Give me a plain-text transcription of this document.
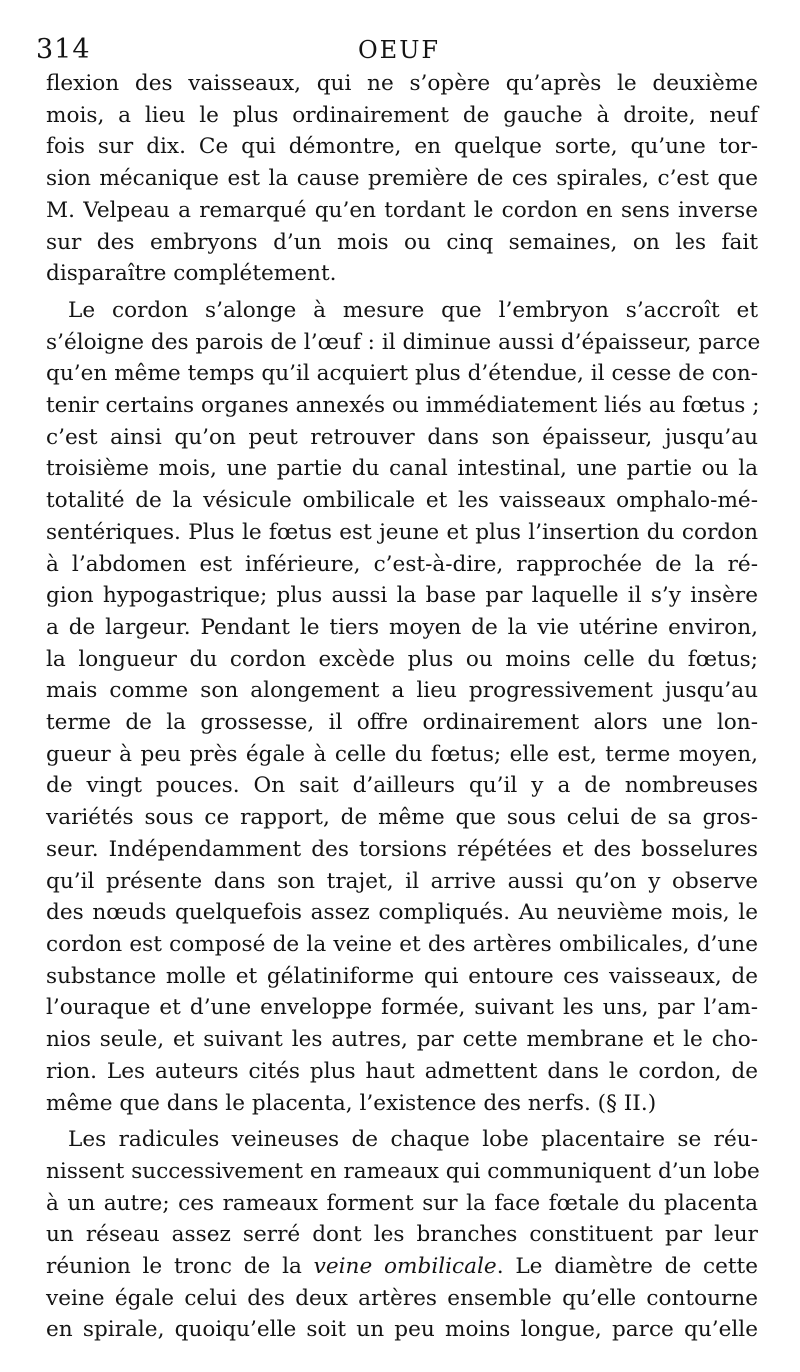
314	OEUF

flexion des vaisseaux, qui ne s’opère qu’après le deuxième
mois, a lieu le plus ordinairement de gauche à droite, neuf
fois sur dix. Ce qui démontre, en quelque sorte, qu’une tor-
sion mécanique est la cause première de ces spirales, c’est que
M. Velpeau a remarqué qu’en tordant le cordon en sens inverse
sur des embryons d’un mois ou cinq semaines, on les fait
disparaître complétement.

Le cordon s’alonge à mesure que l’embryon s’accroît et
s’éloigne des parois de l’œuf : il diminue aussi d’épaisseur, parce
qu’en même temps qu’il acquiert plus d’étendue, il cesse de con-
tenir certains organes annexés ou immédiatement liés au fœtus ;
c’est ainsi qu’on peut retrouver dans son épaisseur, jusqu’au
troisième mois, une partie du canal intestinal, une partie ou la
totalité de la vésicule ombilicale et les vaisseaux omphalo-mé-
sentériques. Plus le fœtus est jeune et plus l’insertion du cordon
à l’abdomen est inférieure, c’est-à-dire, rapprochée de la ré-
gion hypogastrique; plus aussi la base par laquelle il s’y insère
a de largeur. Pendant le tiers moyen de la vie utérine environ,
la longueur du cordon excède plus ou moins celle du fœtus;
mais comme son alongement a lieu progressivement jusqu’au
terme de la grossesse, il offre ordinairement alors une lon-
gueur à peu près égale à celle du fœtus; elle est, terme moyen,
de vingt pouces. On sait d’ailleurs qu’il y a de nombreuses
variétés sous ce rapport, de même que sous celui de sa gros-
seur. Indépendamment des torsions répétées et des bosselures
qu’il présente dans son trajet, il arrive aussi qu’on y observe
des nœuds quelquefois assez compliqués. Au neuvième mois, le
cordon est composé de la veine et des artères ombilicales, d’une
substance molle et gélatiniforme qui entoure ces vaisseaux, de
l’ouraque et d’une enveloppe formée, suivant les uns, par l’am-
nios seule, et suivant les autres, par cette membrane et le cho-
rion. Les auteurs cités plus haut admettent dans le cordon, de
même que dans le placenta, l’existence des nerfs. (§ II.)

Les radicules veineuses de chaque lobe placentaire se réu-
nissent successivement en rameaux qui communiquent d’un lobe
à un autre; ces rameaux forment sur la face fœtale du placenta
un réseau assez serré dont les branches constituent par leur
réunion le tronc de la veine ombilicale. Le diamètre de cette
veine égale celui des deux artères ensemble qu’elle contourne
en spirale, quoiqu’elle soit un peu moins longue, parce qu’elle
